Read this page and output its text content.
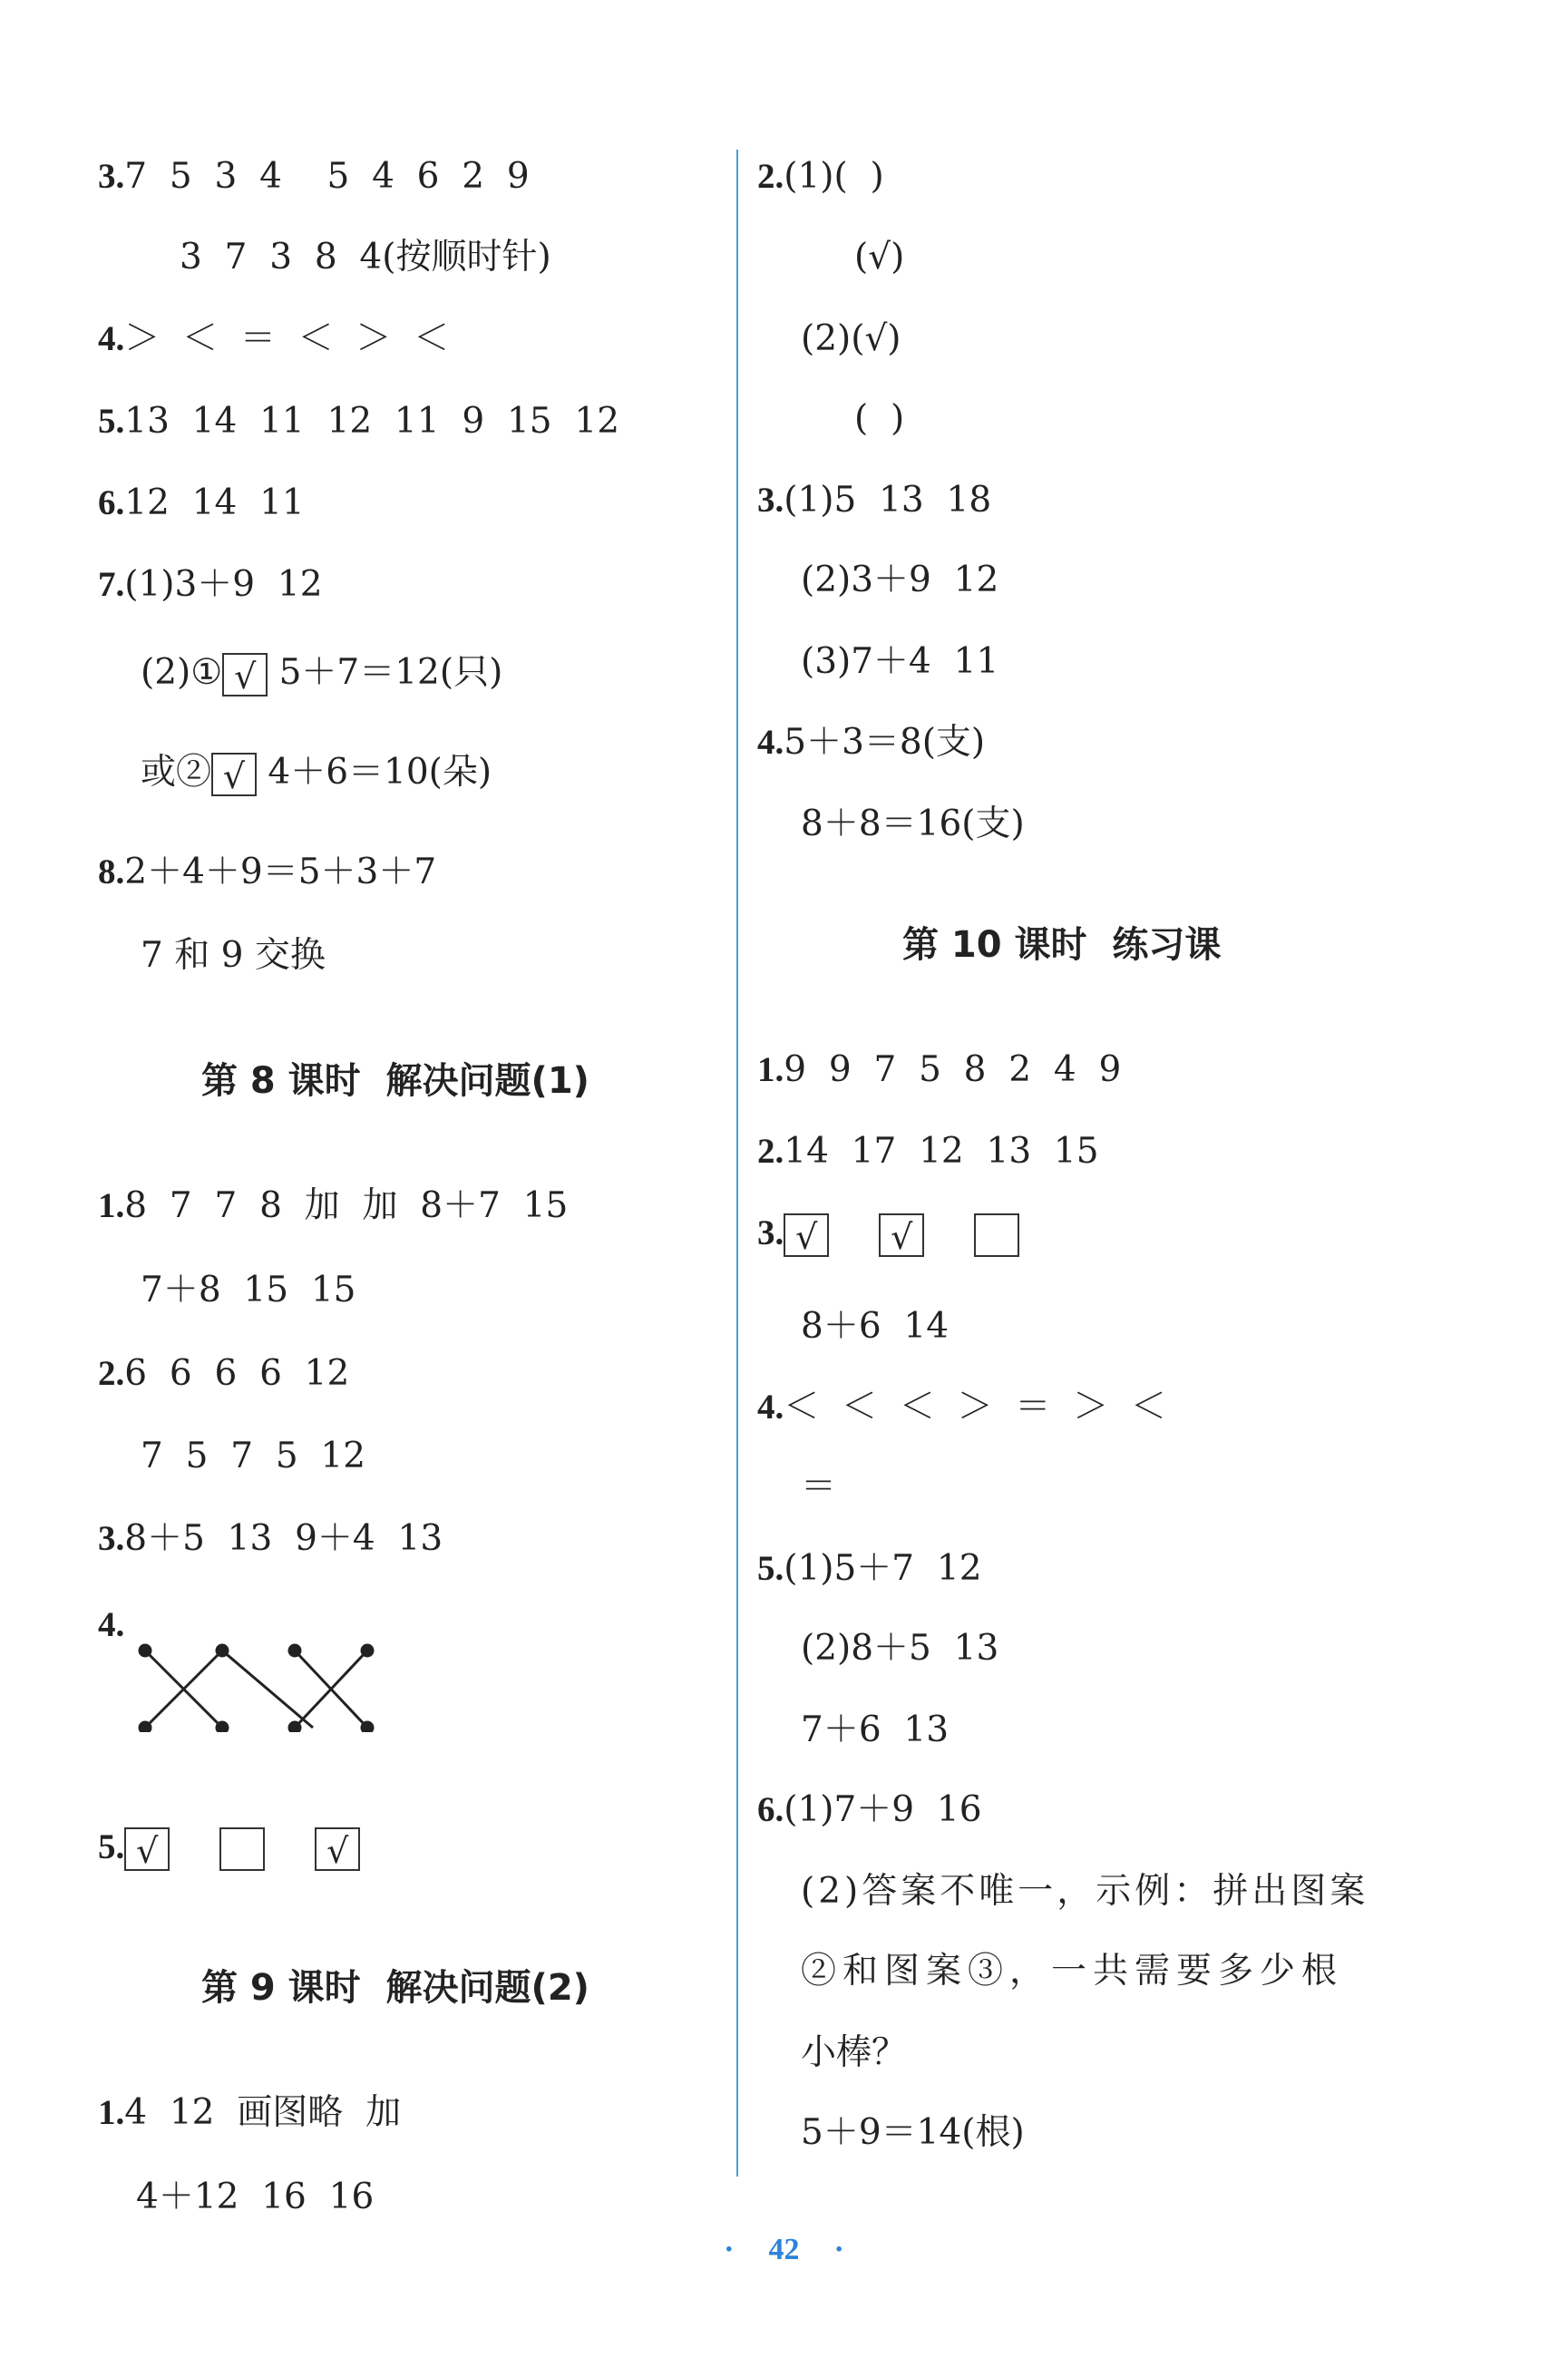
3.7  5  3  4    5  4  6  2  9
3  7  3  8  4(按顺时针)
4.＞  ＜  ＝  ＜  ＞  ＜
5.13  14  11  12  11  9  15  12
6.12  14  11
7.(1)3＋9  12
(2)① √ 5＋7＝12(只)
或② √ 4＋6＝10(朵)
8.2＋4＋9＝5＋3＋7
7 和 9 交换
第 8 课时  解决问题(1)
1.8  7  7  8  加  加  8＋7  15
7＋8  15  15
2.6  6  6  6  12
7  5  7  5  12
3.8＋5  13  9＋4  13
4.
5. √	√
第 9 课时  解决问题(2)
1.4  12  画图略  加
4＋12  16  16
2.(1)(  )
(√)
(2)(√)
(  )
3.(1)5  13  18
(2)3＋9  12
(3)7＋4  11
4.5＋3＝8(支)
8＋8＝16(支)
第 10 课时  练习课
1.9  9  7  5  8  2  4  9
2.14  17  12  13  15
3. √ √
8＋6  14
4.＜  ＜  ＜  ＞  ＝  ＞  ＜
＝
5.(1)5＋7  12
(2)8＋5  13
7＋6  13
6.(1)7＋9  16
(2)答案不唯一，示例：拼出图案
②和图案③，一共需要多少根
小棒？
5＋9＝14(根)
· 42 ·
